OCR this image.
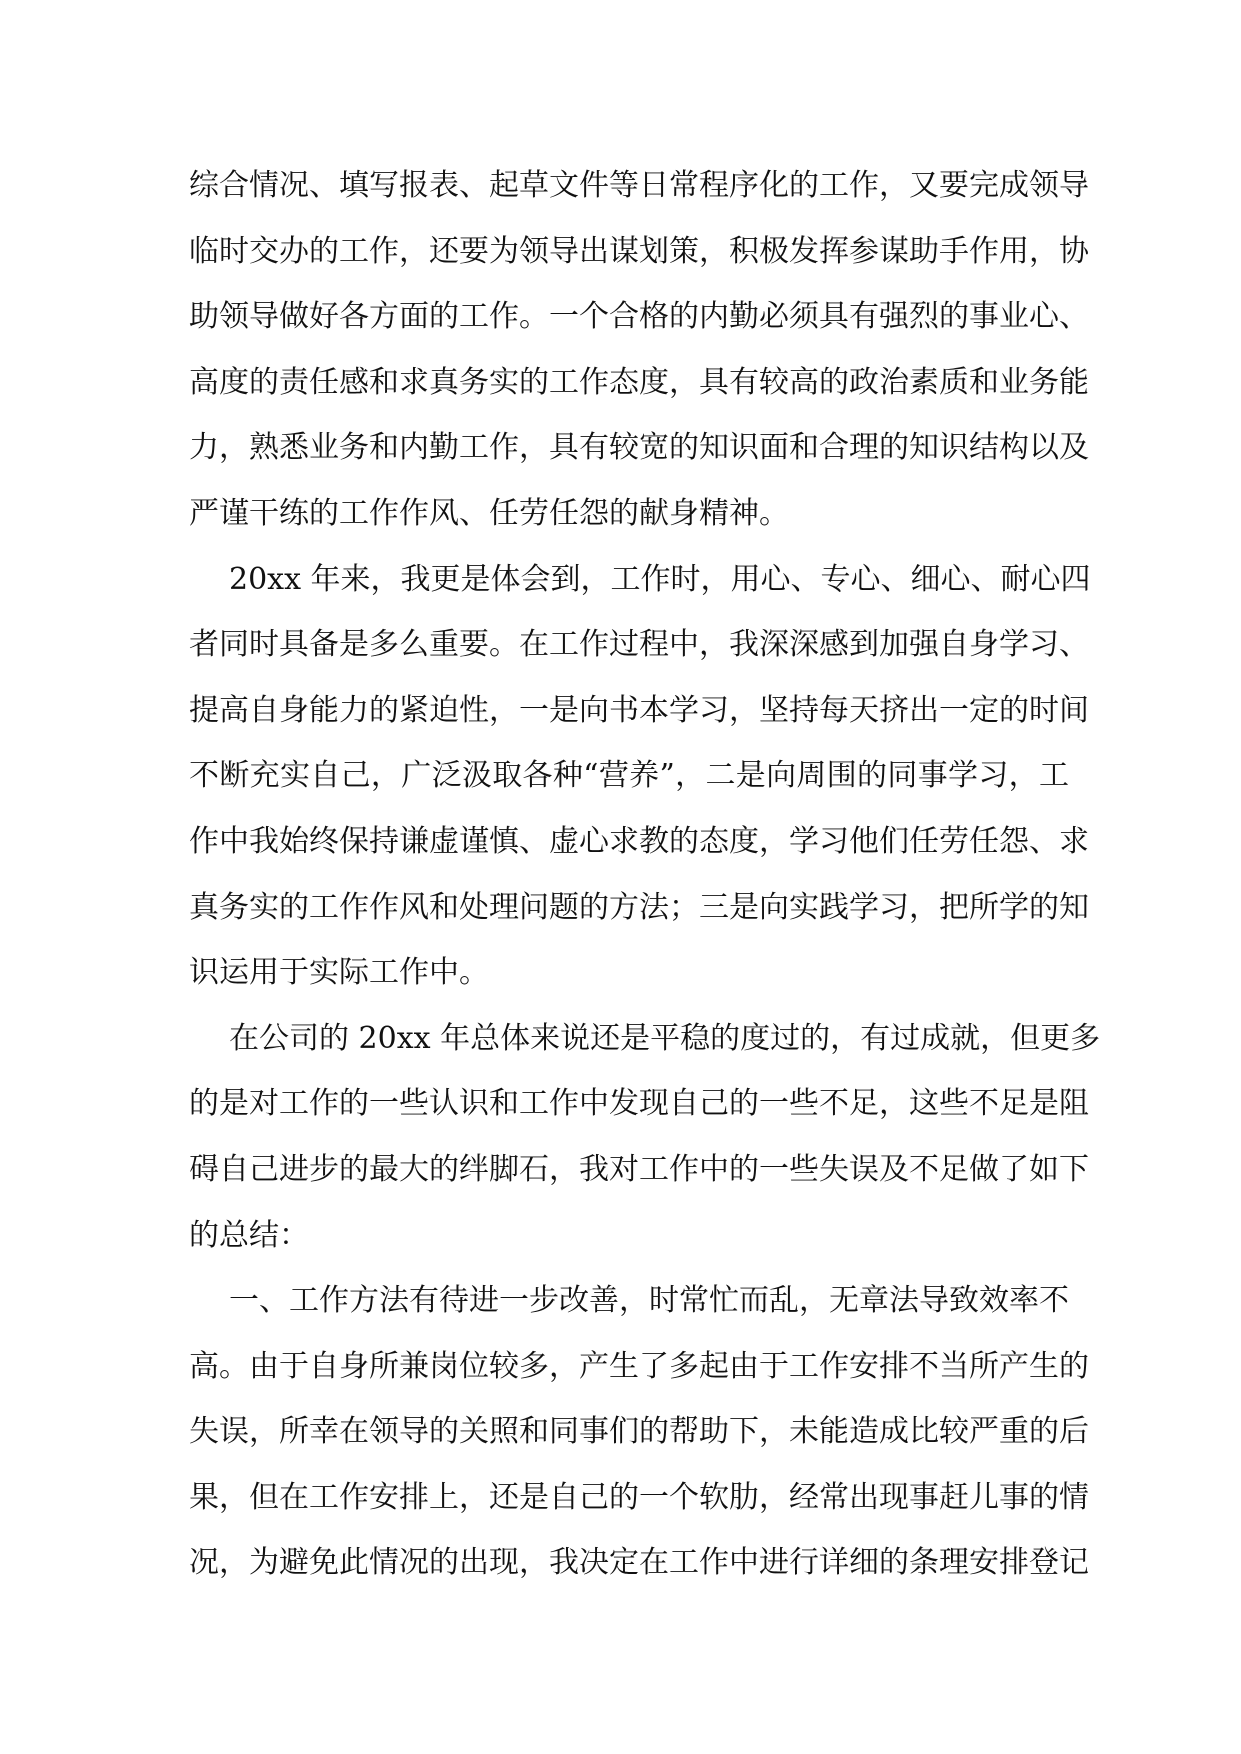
综合情况、填写报表、起草文件等日常程序化的工作，又要完成领导
临时交办的工作，还要为领导出谋划策，积极发挥参谋助手作用，协
助领导做好各方面的工作。一个合格的内勤必须具有强烈的事业心、
高度的责任感和求真务实的工作态度，具有较高的政治素质和业务能
力，熟悉业务和内勤工作，具有较宽的知识面和合理的知识结构以及
严谨干练的工作作风、任劳任怨的献身精神。
20xx 年来，我更是体会到，工作时，用心、专心、细心、耐心四
者同时具备是多么重要。在工作过程中，我深深感到加强自身学习、
提高自身能力的紧迫性，一是向书本学习，坚持每天挤出一定的时间
不断充实自己，广泛汲取各种“营养”，二是向周围的同事学习，工
作中我始终保持谦虚谨慎、虚心求教的态度，学习他们任劳任怨、求
真务实的工作作风和处理问题的方法；三是向实践学习，把所学的知
识运用于实际工作中。
在公司的 20xx 年总体来说还是平稳的度过的，有过成就，但更多
的是对工作的一些认识和工作中发现自己的一些不足，这些不足是阻
碍自己进步的最大的绊脚石，我对工作中的一些失误及不足做了如下
的总结：
一、工作方法有待进一步改善，时常忙而乱，无章法导致效率不
高。由于自身所兼岗位较多，产生了多起由于工作安排不当所产生的
失误，所幸在领导的关照和同事们的帮助下，未能造成比较严重的后
果，但在工作安排上，还是自己的一个软肋，经常出现事赶儿事的情
况，为避免此情况的出现，我决定在工作中进行详细的条理安排登记
